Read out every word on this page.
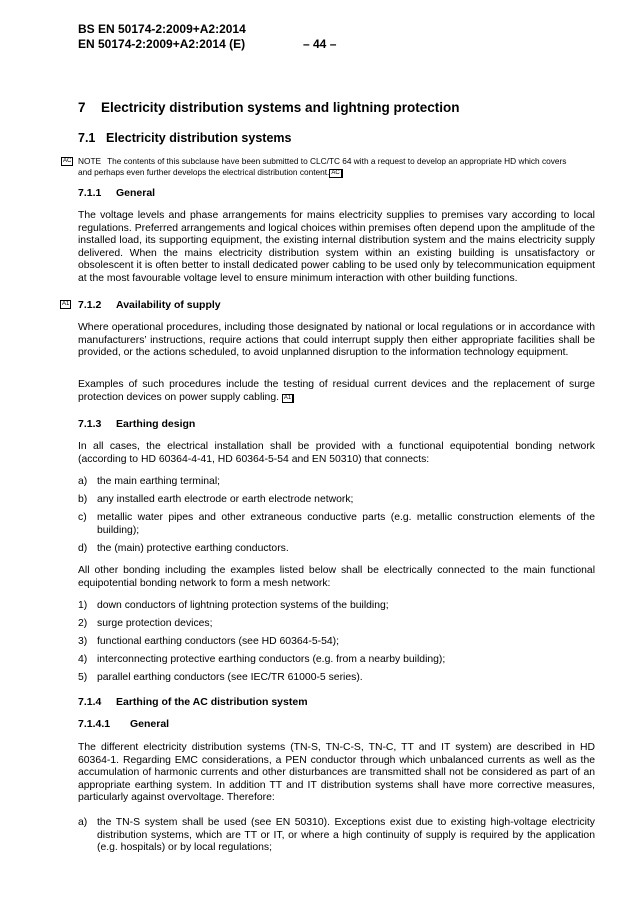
BS EN 50174-2:2009+A2:2014
EN 50174-2:2009+A2:2014 (E)	– 44 –
7 Electricity distribution systems and lightning protection
7.1 Electricity distribution systems
AC NOTE The contents of this subclause have been submitted to CLC/TC 64 with a request to develop an appropriate HD which covers
and perhaps even further develops the electrical distribution content. AC
7.1.1 General
The voltage levels and phase arrangements for mains electricity supplies to premises vary according to local regulations. Preferred arrangements and logical choices within premises often depend upon the amplitude of the installed load, its supporting equipment, the existing internal distribution system and the mains electricity supply delivered. When the mains electricity distribution system within an existing building is unsatisfactory or obsolescent it is often better to install dedicated power cabling to be used only by telecommunication equipment at the most favourable voltage level to ensure minimum interaction with other building functions.
A1 7.1.2 Availability of supply
Where operational procedures, including those designated by national or local regulations or in accordance with manufacturers’ instructions, require actions that could interrupt supply then either appropriate facilities shall be provided, or the actions scheduled, to avoid unplanned disruption to the information technology equipment.
Examples of such procedures include the testing of residual current devices and the replacement of surge protection devices on power supply cabling. A1
7.1.3 Earthing design
In all cases, the electrical installation shall be provided with a functional equipotential bonding network (according to HD 60364-4-41, HD 60364-5-54 and EN 50310) that connects:
a) the main earthing terminal;
b) any installed earth electrode or earth electrode network;
c) metallic water pipes and other extraneous conductive parts (e.g. metallic construction elements of the building);
d) the (main) protective earthing conductors.
All other bonding including the examples listed below shall be electrically connected to the main functional equipotential bonding network to form a mesh network:
1) down conductors of lightning protection systems of the building;
2) surge protection devices;
3) functional earthing conductors (see HD 60364-5-54);
4) interconnecting protective earthing conductors (e.g. from a nearby building);
5) parallel earthing conductors (see IEC/TR 61000-5 series).
7.1.4 Earthing of the AC distribution system
7.1.4.1 General
The different electricity distribution systems (TN-S, TN-C-S, TN-C, TT and IT system) are described in HD 60364-1. Regarding EMC considerations, a PEN conductor through which unbalanced currents as well as the accumulation of harmonic currents and other disturbances are transmitted shall not be considered as part of an appropriate earthing system. In addition TT and IT distribution systems shall have more corrective measures, particularly against overvoltage. Therefore:
a) the TN-S system shall be used (see EN 50310). Exceptions exist due to existing high-voltage electricity distribution systems, which are TT or IT, or where a high continuity of supply is required by the application (e.g. hospitals) or by local regulations;
